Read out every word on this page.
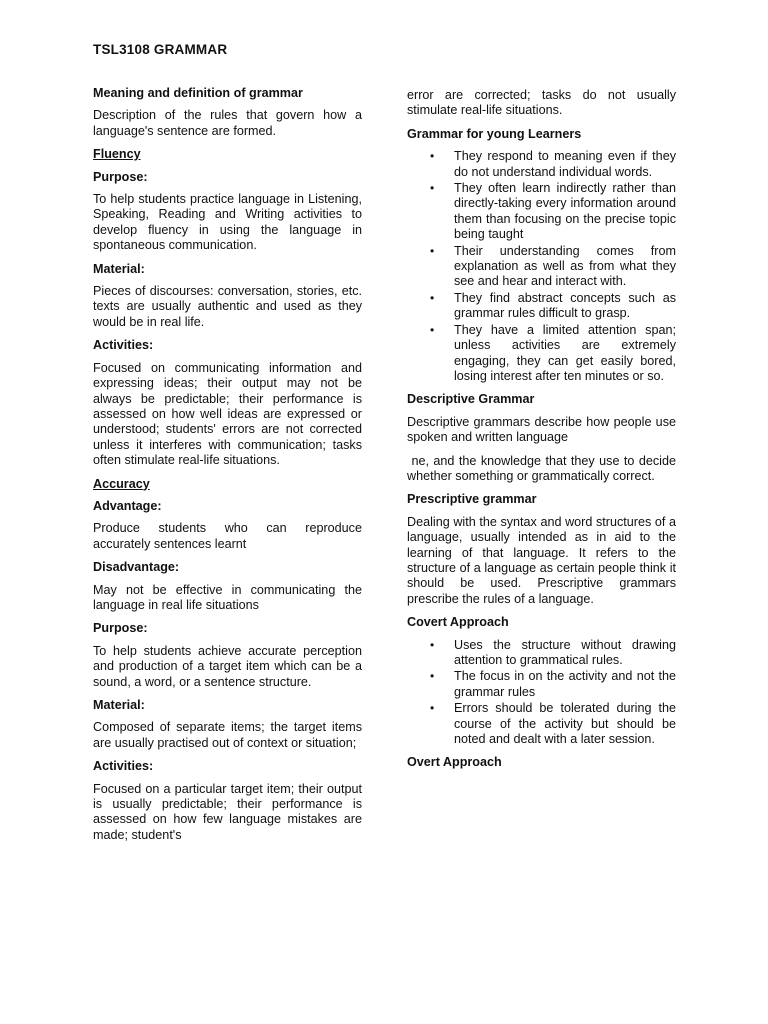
TSL3108 GRAMMAR
Meaning and definition of grammar
Description of the rules that govern how a language's sentence are formed.
Fluency
Purpose:
To help students practice language in Listening, Speaking, Reading and Writing activities to develop fluency in using the language in spontaneous communication.
Material:
Pieces of discourses: conversation, stories, etc. texts are usually authentic and used as they would be in real life.
Activities:
Focused on communicating information and expressing ideas; their output may not be always be predictable; their performance is assessed on how well ideas are expressed or understood; students' errors are not corrected unless it interferes with communication; tasks often stimulate real-life situations.
Accuracy
Advantage:
Produce students who can reproduce accurately sentences learnt
Disadvantage:
May not be effective in communicating the language in real life situations
Purpose:
To help students achieve accurate perception and production of a target item which can be a sound, a word, or a sentence structure.
Material:
Composed of separate items; the target items are usually practised out of context or situation;
Activities:
Focused on a particular target item; their output is usually predictable; their performance is assessed on how few language mistakes are made; student's
error are corrected; tasks do not usually stimulate real-life situations.
Grammar for young Learners
• They respond to meaning even if they do not understand individual words.
• They often learn indirectly rather than directly-taking every information around them than focusing on the precise topic being taught
• Their understanding comes from explanation as well as from what they see and hear and interact with.
• They find abstract concepts such as grammar rules difficult to grasp.
• They have a limited attention span; unless activities are extremely engaging, they can get easily bored, losing interest after ten minutes or so.
Descriptive Grammar
Descriptive grammars describe how people use spoken and written language
ne, and the knowledge that they use to decide whether something or grammatically correct.
Prescriptive grammar
Dealing with the syntax and word structures of a language, usually intended as in aid to the learning of that language. It refers to the structure of a language as certain people think it should be used. Prescriptive grammars prescribe the rules of a language.
Covert Approach
• Uses the structure without drawing attention to grammatical rules.
• The focus in on the activity and not the grammar rules
• Errors should be tolerated during the course of the activity but should be noted and dealt with a later session.
Overt Approach
